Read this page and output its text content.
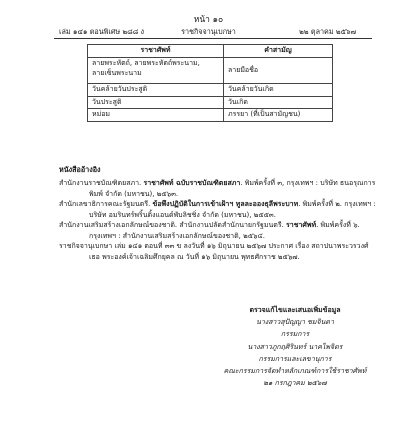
หน้า ๑๐
เล่ม ๑๔๑ ตอนพิเศษ ๒๘๘ ง	ราชกิจจานุเบกษา	๒๒ ตุลาคม ๒๕๖๗
ราชาศัพท์	คำสามัญ

ลายพระหัตถ์, ลายพระหัตถ์พระนาม,
ลายเซ็นพระนาม	ลายมือชื่อ
วันคล้ายวันประสูติ	วันคล้ายวันเกิด
วันประสูติ	วันเกิด
หม่อม	ภรรยา (ที่เป็นสามัญชน)
หนังสืออ้างอิง

สำนักงานราชบัณฑิตยสภา. ราชาศัพท์ ฉบับราชบัณฑิตยสภา. พิมพ์ครั้งที่ ๓, กรุงเทพฯ : บริษัท ธนอรุณการพิมพ์ จำกัด (มหาชน), ๒๕๖๓.

สำนักเลขาธิการคณะรัฐมนตรี. ข้อพึงปฏิบัติในการเข้าเฝ้าฯ ทูลละอองธุลีพระบาท. พิมพ์ครั้งที่ ๒. กรุงเทพฯ : บริษัท อมรินทร์พริ้นติ้งแอนด์พับลิชชิ่ง จำกัด (มหาชน), ๒๕๕๓.

สำนักงานเสริมสร้างเอกลักษณ์ของชาติ. สำนักงานปลัดสำนักนายกรัฐมนตรี. ราชาศัพท์. พิมพ์ครั้งที่ ๖. กรุงเทพฯ : สำนักงานเสริมสร้างเอกลักษณ์ของชาติ, ๒๕๖๔.

ราชกิจจานุเบกษา เล่ม ๑๔๑ ตอนที่ ๓๓ ข ลงวันที่ ๑๖ มิถุนายน ๒๕๖๗ ประกาศ เรื่อง สถาปนาพระวรวงศ์เธอ พระองค์เจ้าเฉลิมศึกยุคล ณ วันที่ ๑๖ มิถุนายน พุทธศักราช ๒๕๖๗.

ตรวจแก้ไขและเสนอเพิ่มข้อมูล
นางสาวสุปัญญา ชมจินดา
กรรมการ
นางสาวภูกฤศิรินทร์ นาคไพจิตร
กรรมการและเลขานุการ
คณะกรรมการจัดทำหลักเกณฑ์การใช้ราชาศัพท์
๒๑ กรกฎาคม ๒๕๖๗
